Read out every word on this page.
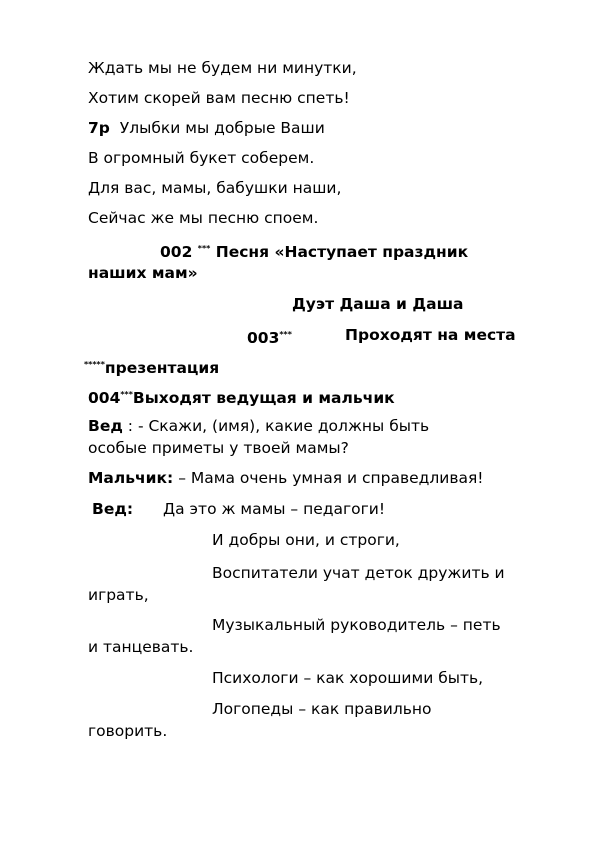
Ждать мы не будем ни минутки,
Хотим скорей вам песню спеть!
7р Улыбки мы добрые Ваши
В огромный букет соберем.
Для вас, мамы, бабушки наши,
Сейчас же мы песню споем.
002 *** Песня «Наступает праздник
наших мам»
Дуэт Даша и Даша
003***	Проходят на места
*****презентация
004***Выходят ведущая и мальчик
Вед : - Скажи, (имя), какие должны быть
особые приметы у твоей мамы?
Мальчик: – Мама очень умная и справедливая!
Вед: Да это ж мамы – педагоги!
И добры они, и строги,
Воспитатели учат деток дружить и
играть,
Музыкальный руководитель – петь
и танцевать.
Психологи – как хорошими быть,
Логопеды – как правильно
говорить.
